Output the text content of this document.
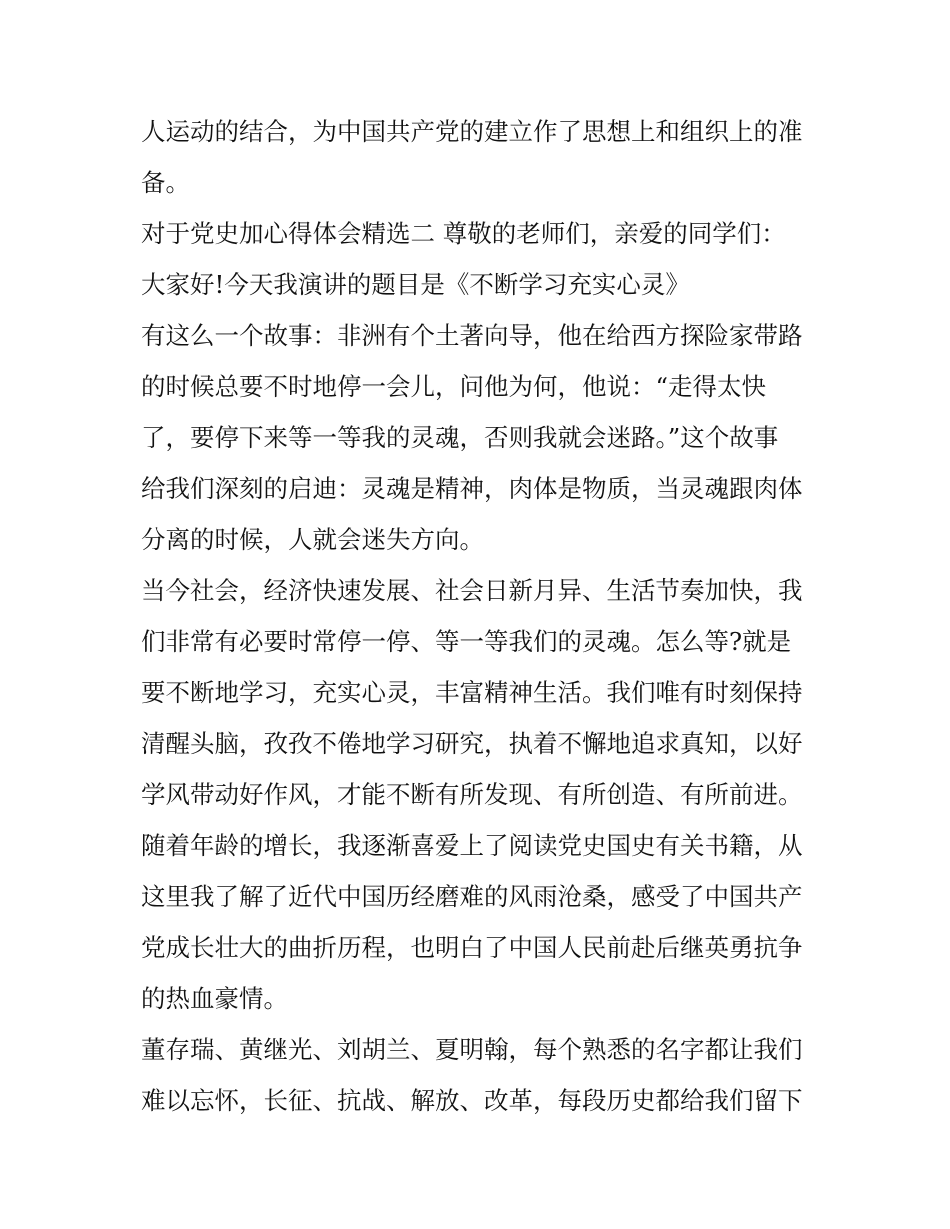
人运动的结合，为中国共产党的建立作了思想上和组织上的准
备。
对于党史加心得体会精选二 尊敬的老师们，亲爱的同学们：
大家好!今天我演讲的题目是《不断学习充实心灵》
有这么一个故事：非洲有个土著向导，他在给西方探险家带路
的时候总要不时地停一会儿，问他为何，他说：“走得太快
了，要停下来等一等我的灵魂，否则我就会迷路。”这个故事
给我们深刻的启迪：灵魂是精神，肉体是物质，当灵魂跟肉体
分离的时候，人就会迷失方向。
当今社会，经济快速发展、社会日新月异、生活节奏加快，我
们非常有必要时常停一停、等一等我们的灵魂。怎么等?就是
要不断地学习，充实心灵，丰富精神生活。我们唯有时刻保持
清醒头脑，孜孜不倦地学习研究，执着不懈地追求真知，以好
学风带动好作风，才能不断有所发现、有所创造、有所前进。
随着年龄的增长，我逐渐喜爱上了阅读党史国史有关书籍，从
这里我了解了近代中国历经磨难的风雨沧桑，感受了中国共产
党成长壮大的曲折历程，也明白了中国人民前赴后继英勇抗争
的热血豪情。
董存瑞、黄继光、刘胡兰、夏明翰，每个熟悉的名字都让我们
难以忘怀，长征、抗战、解放、改革，每段历史都给我们留下
